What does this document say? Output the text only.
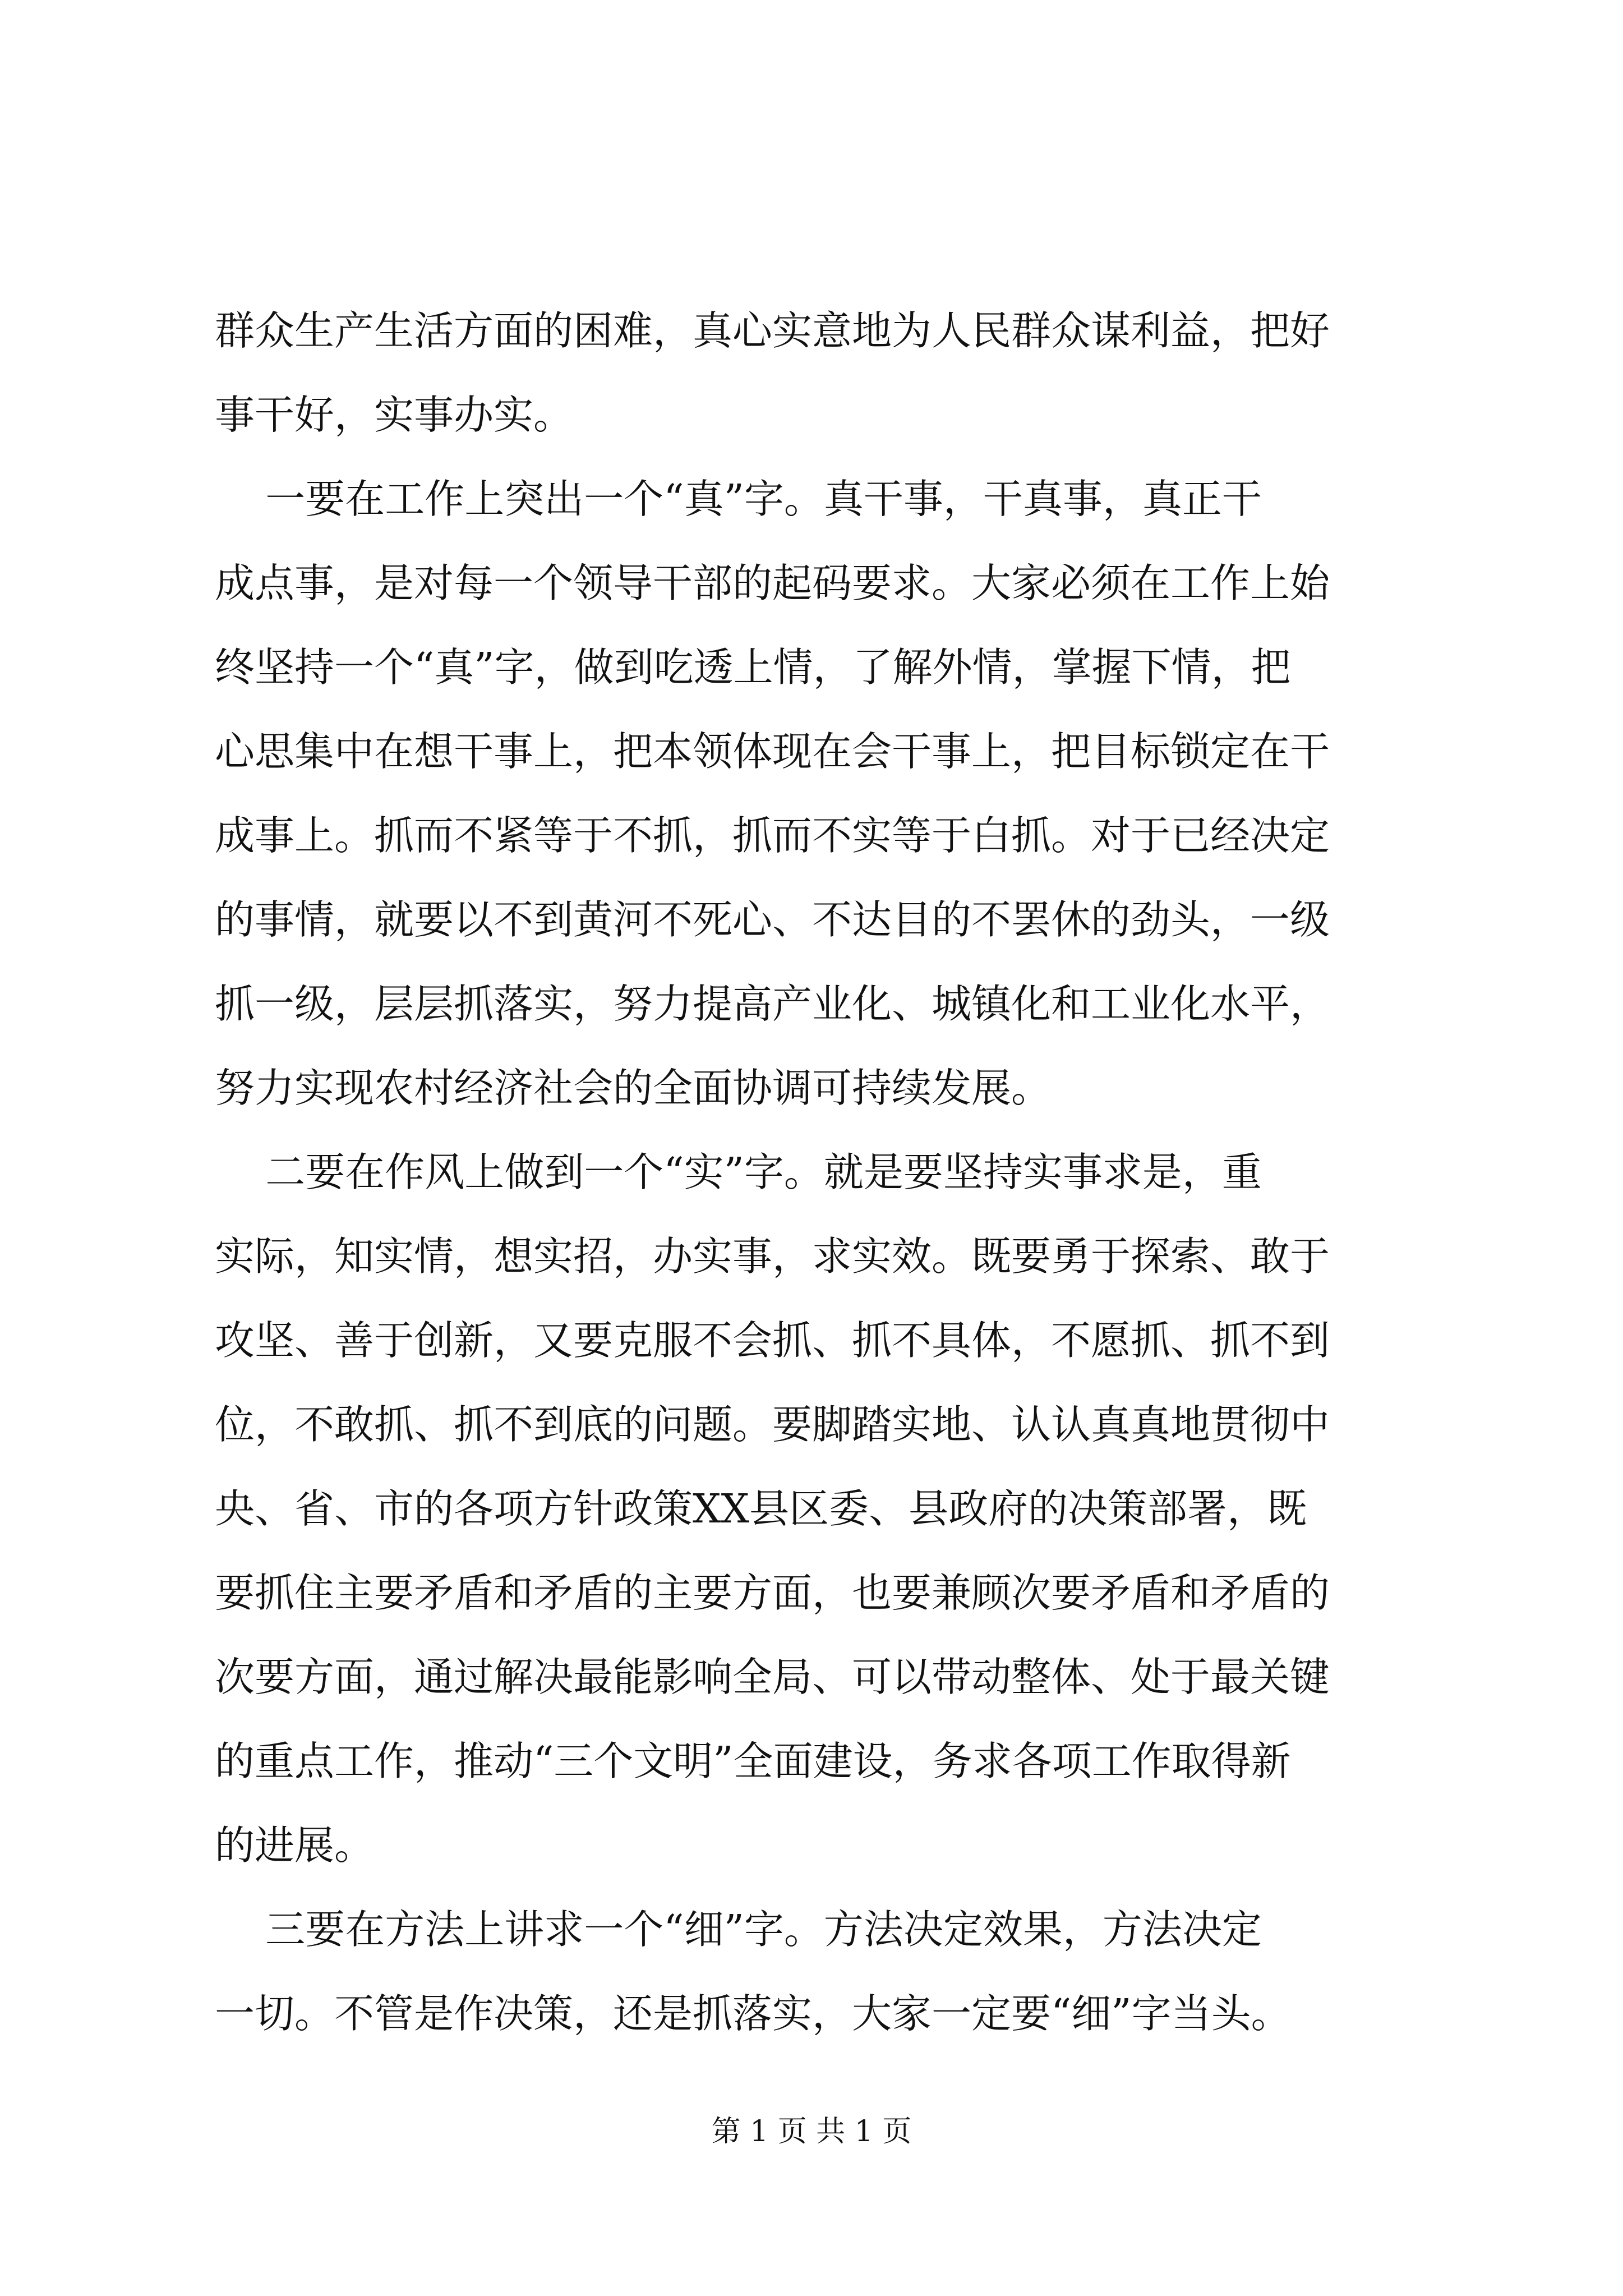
群众生产生活方面的困难，真心实意地为人民群众谋利益，把好
事干好，实事办实。
一要在工作上突出一个“真”字。真干事，干真事，真正干
成点事，是对每一个领导干部的起码要求。大家必须在工作上始
终坚持一个“真”字，做到吃透上情，了解外情，掌握下情，把
心思集中在想干事上，把本领体现在会干事上，把目标锁定在干
成事上。抓而不紧等于不抓，抓而不实等于白抓。对于已经决定
的事情，就要以不到黄河不死心、不达目的不罢休的劲头，一级
抓一级，层层抓落实，努力提高产业化、城镇化和工业化水平，
努力实现农村经济社会的全面协调可持续发展。
二要在作风上做到一个“实”字。就是要坚持实事求是，重
实际，知实情，想实招，办实事，求实效。既要勇于探索、敢于
攻坚、善于创新，又要克服不会抓、抓不具体，不愿抓、抓不到
位，不敢抓、抓不到底的问题。要脚踏实地、认认真真地贯彻中
央、省、市的各项方针政策XX县区委、县政府的决策部署，既
要抓住主要矛盾和矛盾的主要方面，也要兼顾次要矛盾和矛盾的
次要方面，通过解决最能影响全局、可以带动整体、处于最关键
的重点工作，推动“三个文明”全面建设，务求各项工作取得新
的进展。
三要在方法上讲求一个“细”字。方法决定效果，方法决定
一切。不管是作决策，还是抓落实，大家一定要“细”字当头。
第 1 页 共 1 页
